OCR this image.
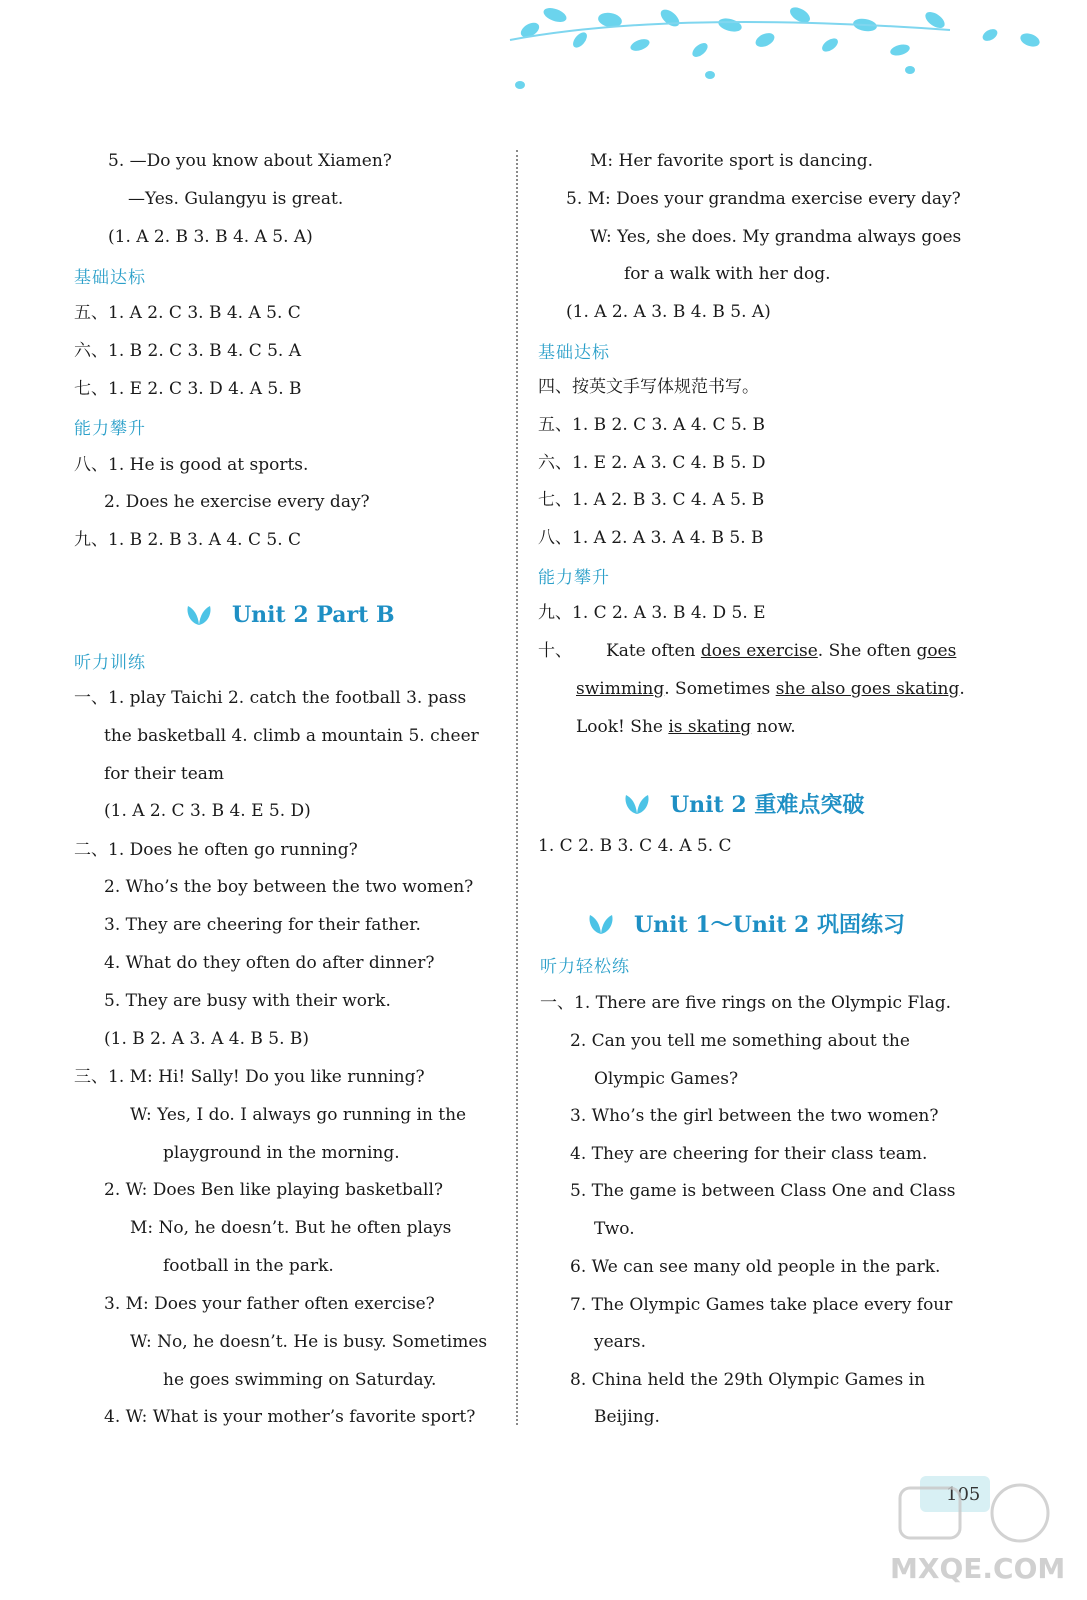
5. —Do you know about Xiamen?
—Yes. Gulangyu is great.
(1. A 2. B 3. B 4. A 5. A)
基础达标
五、1. A 2. C 3. B 4. A 5. C
六、1. B 2. C 3. B 4. C 5. A
七、1. E 2. C 3. D 4. A 5. B
能力攀升
八、1. He is good at sports.
2. Does he exercise every day?
九、1. B 2. B 3. A 4. C 5. C
Unit 2 Part B
听力训练
一、1. play Taichi 2. catch the football 3. pass
the basketball 4. climb a mountain 5. cheer
for their team
(1. A 2. C 3. B 4. E 5. D)
二、1. Does he often go running?
2. Who’s the boy between the two women?
3. They are cheering for their father.
4. What do they often do after dinner?
5. They are busy with their work.
(1. B 2. A 3. A 4. B 5. B)
三、1. M: Hi! Sally! Do you like running?
W: Yes, I do. I always go running in the
playground in the morning.
2. W: Does Ben like playing basketball?
M: No, he doesn’t. But he often plays
football in the park.
3. M: Does your father often exercise?
W: No, he doesn’t. He is busy. Sometimes
he goes swimming on Saturday.
4. W: What is your mother’s favorite sport?
M: Her favorite sport is dancing.
5. M: Does your grandma exercise every day?
W: Yes, she does. My grandma always goes
for a walk with her dog.
(1. A 2. A 3. B 4. B 5. A)
基础达标
四、按英文手写体规范书写。
五、1. B 2. C 3. A 4. C 5. B
六、1. E 2. A 3. C 4. B 5. D
七、1. A 2. B 3. C 4. A 5. B
八、1. A 2. A 3. A 4. B 5. B
能力攀升
九、1. C 2. A 3. B 4. D 5. E
十、 Kate often does exercise. She often goes
swimming. Sometimes she also goes skating.
Look! She is skating now.
Unit 2 重难点突破
1. C 2. B 3. C 4. A 5. C
Unit 1～Unit 2 巩固练习
听力轻松练
一、1. There are five rings on the Olympic Flag.
2. Can you tell me something about the
Olympic Games?
3. Who’s the girl between the two women?
4. They are cheering for their class team.
5. The game is between Class One and Class
Two.
6. We can see many old people in the park.
7. The Olympic Games take place every four
years.
8. China held the 29th Olympic Games in
Beijing.
105
MXQE.COM
